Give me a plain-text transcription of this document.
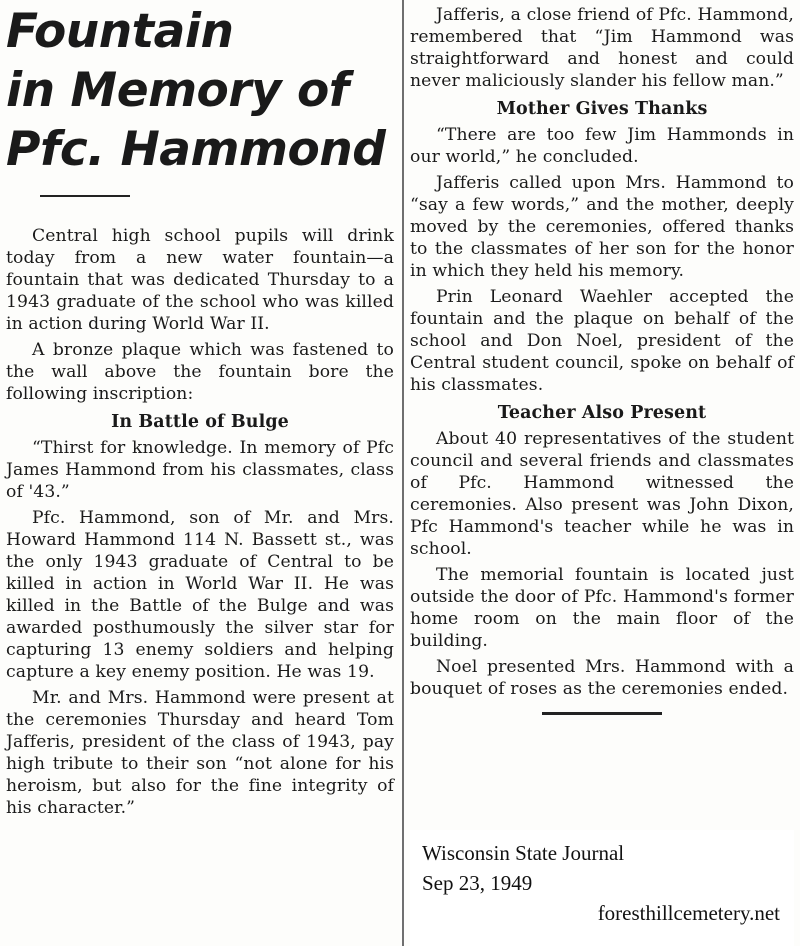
Fountain
in Memory of
Pfc. Hammond

Central high school pupils will drink today from a new water fountain—a fountain that was dedicated Thursday to a 1943 graduate of the school who was killed in action during World War II.

A bronze plaque which was fastened to the wall above the fountain bore the following inscription:

In Battle of Bulge

“Thirst for knowledge. In memory of Pfc James Hammond from his classmates, class of '43.”

Pfc. Hammond, son of Mr. and Mrs. Howard Hammond 114 N. Bassett st., was the only 1943 graduate of Central to be killed in action in World War II. He was killed in the Battle of the Bulge and was awarded posthumously the silver star for capturing 13 enemy soldiers and helping capture a key enemy position. He was 19.

Mr. and Mrs. Hammond were present at the ceremonies Thursday and heard Tom Jafferis, president of the class of 1943, pay high tribute to their son “not alone for his heroism, but also for the fine integrity of his character.”

Jafferis, a close friend of Pfc. Hammond, remembered that “Jim Hammond was straightforward and honest and could never maliciously slander his fellow man.”

Mother Gives Thanks

“There are too few Jim Hammonds in our world,” he concluded.

Jafferis called upon Mrs. Hammond to “say a few words,” and the mother, deeply moved by the ceremonies, offered thanks to the classmates of her son for the honor in which they held his memory.

Prin Leonard Waehler accepted the fountain and the plaque on behalf of the school and Don Noel, president of the Central student council, spoke on behalf of his classmates.

Teacher Also Present

About 40 representatives of the student council and several friends and classmates of Pfc. Hammond witnessed the ceremonies. Also present was John Dixon, Pfc Hammond's teacher while he was in school.

The memorial fountain is located just outside the door of Pfc. Hammond's former home room on the main floor of the building.

Noel presented Mrs. Hammond with a bouquet of roses as the ceremonies ended.

Wisconsin State Journal
Sep 23, 1949
foresthillcemetery.net
